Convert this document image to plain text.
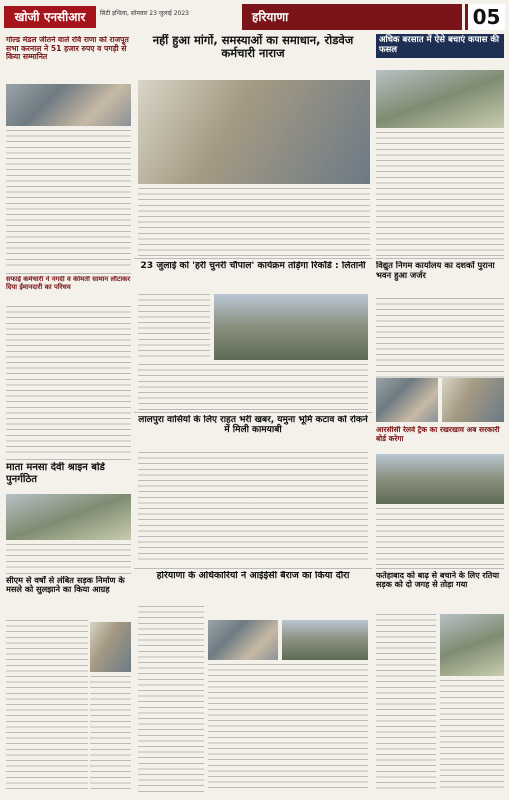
खोजी एनसीआर	सिटी इन्डिया, सोमवार 23 जुलाई 2023	हरियाणा	05
गोल्ड मेडल जीतने वाले रवि राणा को राजपूत सभा करनाल ने 51 हजार रुपए व पगड़ी से किया सम्मानित
नहीं हुआ मांगों, समस्याओं का समाधान, रोडवेज कर्मचारी नाराज
अधिक बरसात में ऐसे बचाएं कपास की फसल
सफाई कर्मचारी ने नगदी व कीमती सामान लौटाकर दिया ईमानदारी का परिचय
23 जुलाई को 'हरी चुनरी चौपाल' कार्यक्रम तोड़ेगा रिकॉर्ड : लितानी	विद्युत निगम कार्यालय का दशकों पुराना भवन हुआ जर्जर
माता मनसा देवी श्राइन बोर्ड पुनर्गठित
लालपुरा वासियों के लिए राहत भरी खबर, यमुना भूमि कटाव को रोकने में मिली कामयाबी	आरसीसी रेलवे ट्रैक का रखरखाव अब सरकारी बोर्ड करेगा
सीएम से वर्षों से लंबित सड़क निर्माण के मसले को सुलझाने का किया आग्रह
हरियाणा के अधिकारियों ने आईईसी बैराज का किया दौरा	फतेहाबाद को बाढ़ से बचाने के लिए रतिया सड़क को दो जगह से तोड़ा गया
